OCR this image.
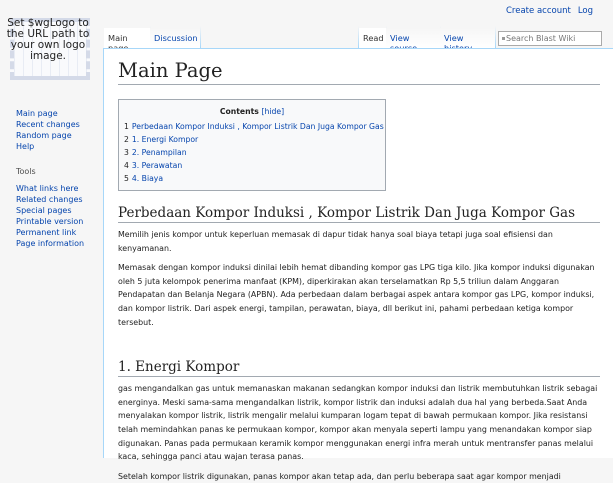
Set $wgLogo to the URL path to your own logo image.
Create account Log
Main	Discussion	Read View	View	Search Blast Wiki
Main page
Recent changes
Random page
Help
Tools
What links here
Related changes
Special pages
Printable version
Permanent link
Page information
Main Page
Contents [hide]
1 Perbedaan Kompor Induksi , Kompor Listrik Dan Juga Kompor Gas
2 1. Energi Kompor
3 2. Penampilan
4 3. Perawatan
5 4. Biaya
Perbedaan Kompor Induksi , Kompor Listrik Dan Juga Kompor Gas

Memilih jenis kompor untuk keperluan memasak di dapur tidak hanya soal biaya tetapi juga soal efisiensi dan kenyamanan.

Memasak dengan kompor induksi dinilai lebih hemat dibanding kompor gas LPG tiga kilo. Jika kompor induksi digunakan oleh 5 juta kelompok penerima manfaat (KPM), diperkirakan akan terselamatkan Rp 5,5 triliun dalam Anggaran Pendapatan dan Belanja Negara (APBN). Ada perbedaan dalam berbagai aspek antara kompor gas LPG, kompor induksi, dan kompor listrik. Dari aspek energi, tampilan, perawatan, biaya, dll berikut ini, pahami perbedaan ketiga kompor tersebut.

1. Energi Kompor

gas mengandalkan gas untuk memanaskan makanan sedangkan kompor induksi dan listrik membutuhkan listrik sebagai energinya. Meski sama-sama mengandalkan listrik, kompor listrik dan induksi adalah dua hal yang berbeda.Saat Anda menyalakan kompor listrik, listrik mengalir melalui kumparan logam tepat di bawah permukaan kompor. Jika resistansi telah memindahkan panas ke permukaan kompor, kompor akan menyala seperti lampu yang menandakan kompor siap digunakan. Panas pada permukaan keramik kompor menggunakan energi infra merah untuk mentransfer panas melalui kaca, sehingga panci atau wajan terasa panas.

Setelah kompor listrik digunakan, panas kompor akan tetap ada, dan perlu beberapa saat agar kompor menjadi
